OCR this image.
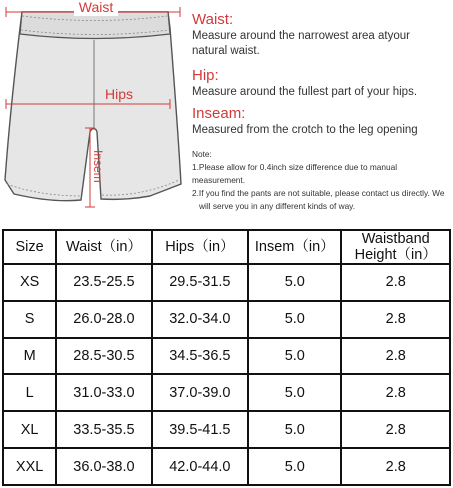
Waist
Hips
Insem

Waist:

Measure around the narrowest area atyour

natural waist.

Hip:

Measure around the fullest part of your hips.

Inseam:

Measured from the crotch to the leg opening

Note:

1.Please allow for 0.4inch size difference due to manual measurement.

2.If you find the pants are not suitable, please contact us directly. We

will serve you in any different kinds of way.

Size	Waist（in）	Hips（in）	Insem（in）	Waistband
Height（in）

XS	23.5-25.5	29.5-31.5	5.0	2.8
S	26.0-28.0	32.0-34.0	5.0	2.8
M	28.5-30.5	34.5-36.5	5.0	2.8
L	31.0-33.0	37.0-39.0	5.0	2.8
XL	33.5-35.5	39.5-41.5	5.0	2.8
XXL	36.0-38.0	42.0-44.0	5.0	2.8
